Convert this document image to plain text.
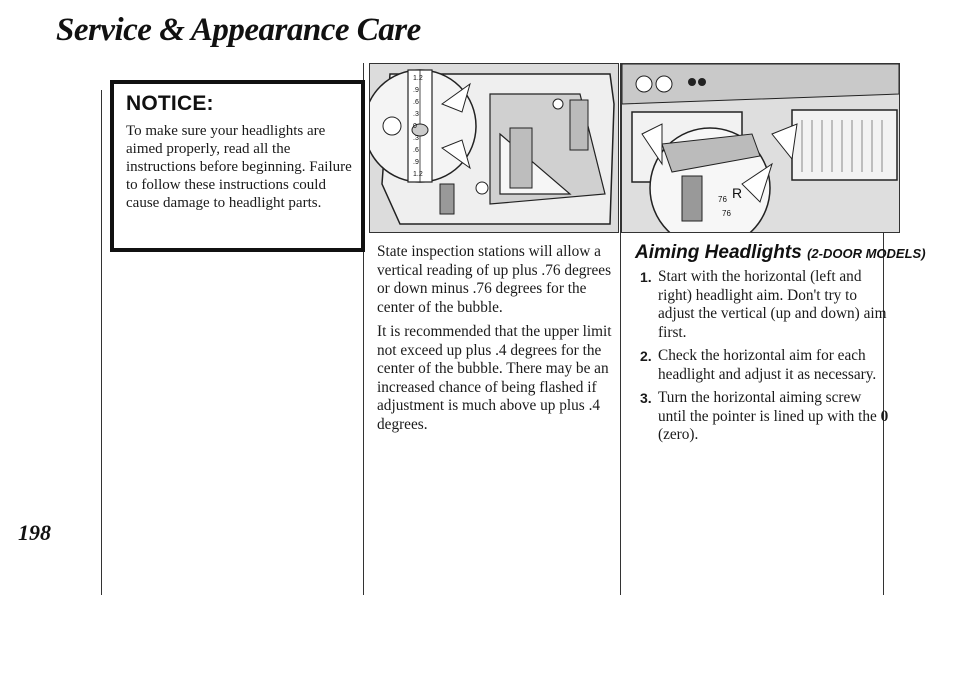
Service & Appearance Care
198
NOTICE:

To make sure your headlights are aimed properly, read all the instructions before beginning. Failure to follow these instructions could cause damage to headlight parts.

1.2
.9
.6
.3
0
.3
.6
.9
1.2
76 R
76

State inspection stations will allow a vertical reading of up plus .76 degrees or down minus .76 degrees for the center of the bubble.

It is recommended that the upper limit not exceed up plus .4 degrees for the center of the bubble. There may be an increased chance of being flashed if adjustment is much above up plus .4 degrees.

Aiming Headlights (2-DOOR MODELS)
1. Start with the horizontal (left and right) headlight aim. Don't try to adjust the vertical (up and down) aim first.
2. Check the horizontal aim for each headlight and adjust it as necessary.
3. Turn the horizontal aiming screw until the pointer is lined up with the 0 (zero).
